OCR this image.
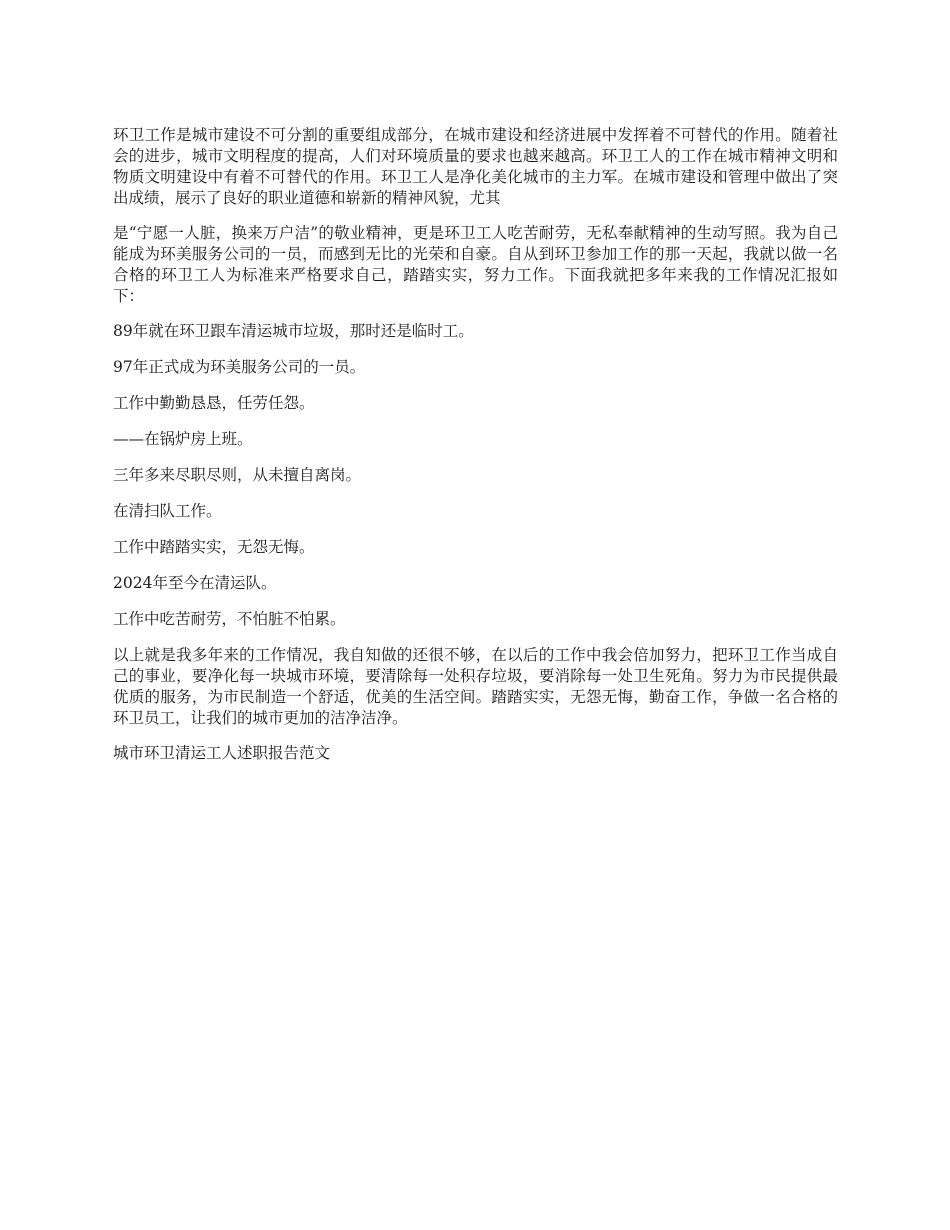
环卫工作是城市建设不可分割的重要组成部分，在城市建设和经济进展中发挥着不可替代的作用。随着社会的进步，城市文明程度的提高，人们对环境质量的要求也越来越高。环卫工人的工作在城市精神文明和物质文明建设中有着不可替代的作用。环卫工人是净化美化城市的主力军。在城市建设和管理中做出了突出成绩，展示了良好的职业道德和崭新的精神风貌，尤其

是“宁愿一人脏，换来万户洁”的敬业精神，更是环卫工人吃苦耐劳，无私奉献精神的生动写照。我为自己能成为环美服务公司的一员，而感到无比的光荣和自豪。自从到环卫参加工作的那一天起，我就以做一名合格的环卫工人为标准来严格要求自己，踏踏实实，努力工作。下面我就把多年来我的工作情况汇报如下：

89年就在环卫跟车清运城市垃圾，那时还是临时工。

97年正式成为环美服务公司的一员。

工作中勤勤恳恳，任劳任怨。

——在锅炉房上班。

三年多来尽职尽则，从未擅自离岗。

在清扫队工作。

工作中踏踏实实，无怨无悔。

2024年至今在清运队。

工作中吃苦耐劳，不怕脏不怕累。

以上就是我多年来的工作情况，我自知做的还很不够，在以后的工作中我会倍加努力，把环卫工作当成自己的事业，要净化每一块城市环境，要清除每一处积存垃圾，要消除每一处卫生死角。努力为市民提供最优质的服务，为市民制造一个舒适，优美的生活空间。踏踏实实，无怨无悔，勤奋工作，争做一名合格的环卫员工，让我们的城市更加的洁净洁净。

城市环卫清运工人述职报告范文
